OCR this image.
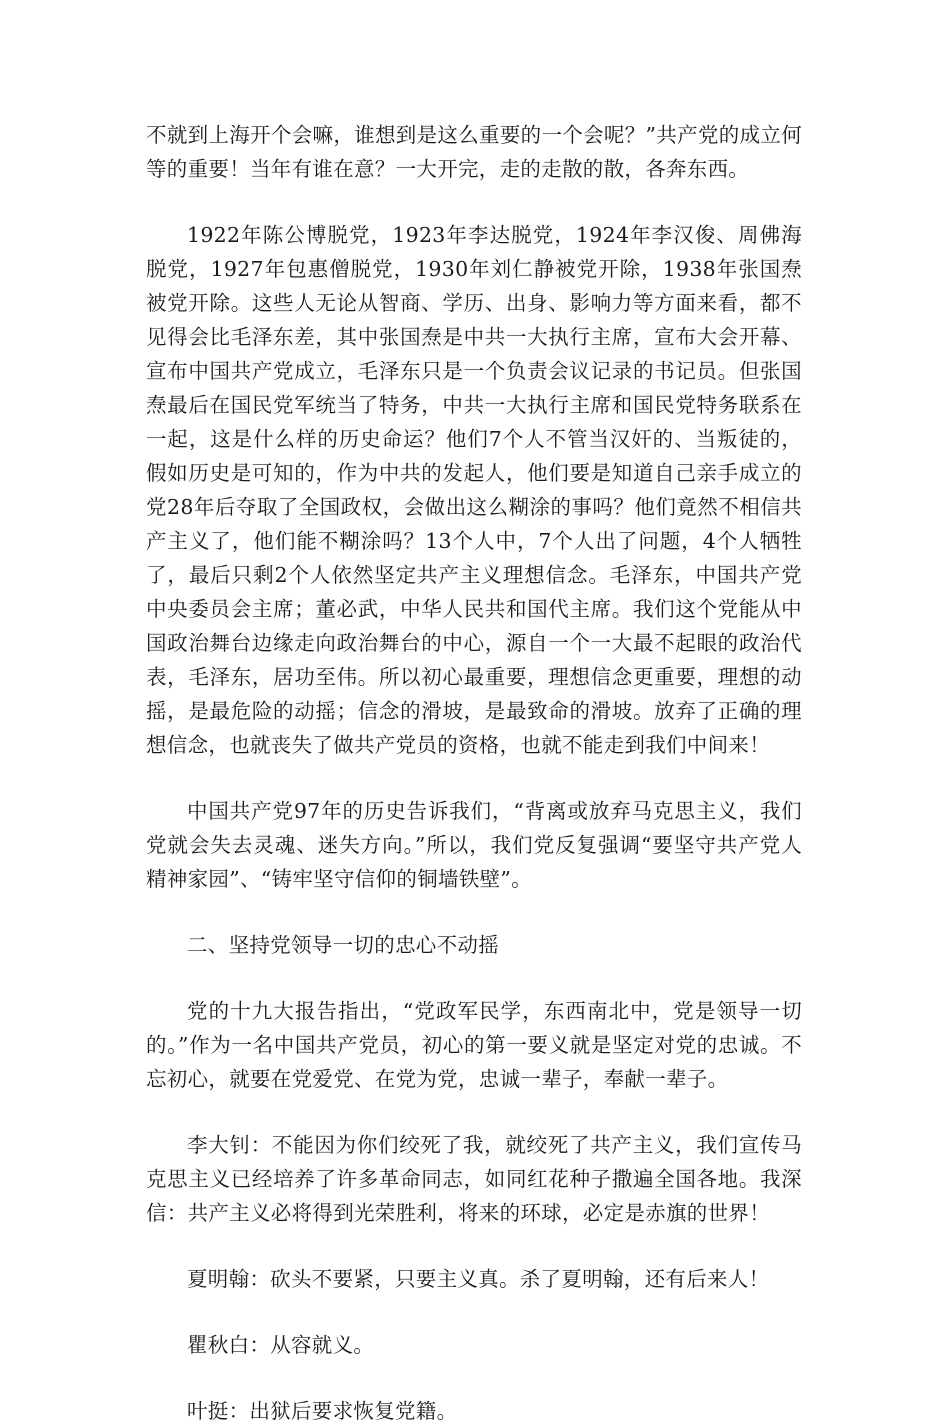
不就到上海开个会嘛，谁想到是这么重要的一个会呢？”共产党的成立何等的重要！当年有谁在意？一大开完，走的走散的散，各奔东西。

1922年陈公博脱党，1923年李达脱党，1924年李汉俊、周佛海脱党，1927年包惠僧脱党，1930年刘仁静被党开除，1938年张国焘被党开除。这些人无论从智商、学历、出身、影响力等方面来看，都不见得会比毛泽东差，其中张国焘是中共一大执行主席，宣布大会开幕、宣布中国共产党成立，毛泽东只是一个负责会议记录的书记员。但张国焘最后在国民党军统当了特务，中共一大执行主席和国民党特务联系在一起，这是什么样的历史命运？他们7个人不管当汉奸的、当叛徒的，假如历史是可知的，作为中共的发起人，他们要是知道自己亲手成立的党28年后夺取了全国政权，会做出这么糊涂的事吗？他们竟然不相信共产主义了，他们能不糊涂吗？13个人中，7个人出了问题，4个人牺牲了，最后只剩2个人依然坚定共产主义理想信念。毛泽东，中国共产党中央委员会主席；董必武，中华人民共和国代主席。我们这个党能从中国政治舞台边缘走向政治舞台的中心，源自一个一大最不起眼的政治代表，毛泽东，居功至伟。所以初心最重要，理想信念更重要，理想的动摇，是最危险的动摇；信念的滑坡，是最致命的滑坡。放弃了正确的理想信念，也就丧失了做共产党员的资格，也就不能走到我们中间来！

中国共产党97年的历史告诉我们，“背离或放弃马克思主义，我们党就会失去灵魂、迷失方向。”所以，我们党反复强调“要坚守共产党人精神家园”、“铸牢坚守信仰的铜墙铁壁”。

二、坚持党领导一切的忠心不动摇

党的十九大报告指出，“党政军民学，东西南北中，党是领导一切的。”作为一名中国共产党员，初心的第一要义就是坚定对党的忠诚。不忘初心，就要在党爱党、在党为党，忠诚一辈子，奉献一辈子。

李大钊：不能因为你们绞死了我，就绞死了共产主义，我们宣传马克思主义已经培养了许多革命同志，如同红花种子撒遍全国各地。我深信：共产主义必将得到光荣胜利，将来的环球，必定是赤旗的世界！

夏明翰：砍头不要紧，只要主义真。杀了夏明翰，还有后来人！

瞿秋白：从容就义。

叶挺：出狱后要求恢复党籍。
